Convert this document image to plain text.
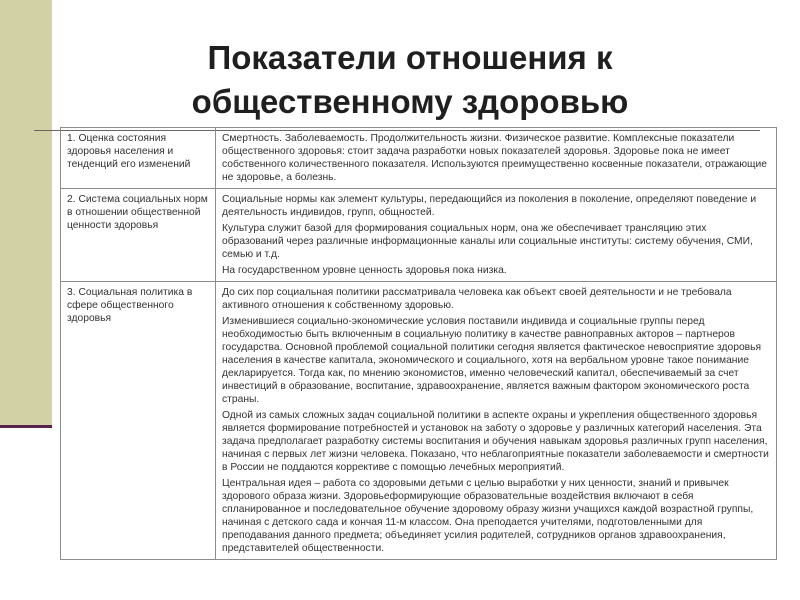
Показатели отношения к
общественному здоровью
1. Оценка состояния здоровья населения и тенденций его изменений	Смертность. Заболеваемость. Продолжительность жизни. Физическое развитие. Комплексные показатели общественного здоровья: стоит задача разработки новых показателей здоровья. Здоровье пока не имеет собственного количественного показателя. Используются преимущественно косвенные показатели, отражающие не здоровье, а болезнь.

2. Система социальных норм в отношении общественной ценности здоровья	Социальные нормы как элемент культуры, передающийся из поколения в поколение, определяют поведение и деятельность индивидов, групп, общностей.

Культура служит базой для формирования социальных норм, она же обеспечивает трансляцию этих образований через различные информационные каналы или социальные институты: систему обучения, СМИ, семью и т.д.

На государственном уровне ценность здоровья пока низка.

3. Социальная политика в сфере общественного здоровья	До сих пор социальная политики рассматривала человека как объект своей деятельности и не требовала активного отношения к собственному здоровью.

Изменившиеся социально-экономические условия поставили индивида и социальные группы перед необходимостью быть включенным в социальную политику в качестве равноправных акторов – партнеров государства. Основной проблемой социальной политики сегодня является фактическое невосприятие здоровья населения в качестве капитала, экономического и социального, хотя на вербальном уровне такое понимание декларируется. Тогда как, по мнению экономистов, именно человеческий капитал, обеспечиваемый за счет инвестиций в образование, воспитание, здравоохранение, является важным фактором экономического роста страны.

Одной из самых сложных задач социальной политики в аспекте охраны и укрепления общественного здоровья является формирование потребностей и установок на заботу о здоровье у различных категорий населения. Эта задача предполагает разработку системы воспитания и обучения навыкам здоровья различных групп населения, начиная с первых лет жизни человека. Показано, что неблагоприятные показатели заболеваемости и смертности в России не поддаются коррективе с помощью лечебных мероприятий.

Центральная идея – работа со здоровыми детьми с целью выработки у них ценности, знаний и привычек здорового образа жизни. Здоровьеформирующие образовательные воздействия включают в себя спланированное и последовательное обучение здоровому образу жизни учащихся каждой возрастной группы, начиная с детского сада и кончая 11-м классом. Она преподается учителями, подготовленными для преподавания данного предмета; объединяет усилия родителей, сотрудников органов здравоохранения, представителей общественности.
